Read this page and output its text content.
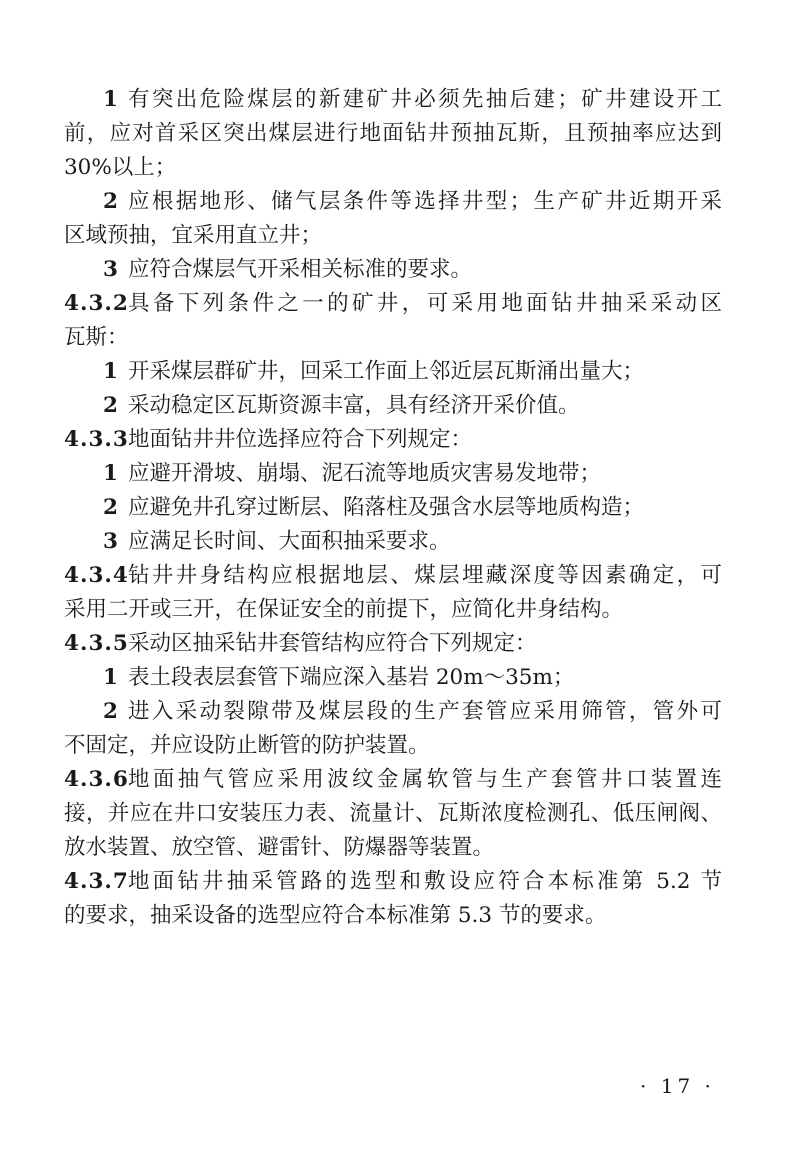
1 有突出危险煤层的新建矿井必须先抽后建；矿井建设开工
前，应对首采区突出煤层进行地面钻井预抽瓦斯，且预抽率应达到
30%以上；
2 应根据地形、储气层条件等选择井型；生产矿井近期开采
区域预抽，宜采用直立井；
3 应符合煤层气开采相关标准的要求。
4.3.2 具备下列条件之一的矿井，可采用地面钻井抽采采动区
瓦斯：
1 开采煤层群矿井，回采工作面上邻近层瓦斯涌出量大；
2 采动稳定区瓦斯资源丰富，具有经济开采价值。
4.3.3 地面钻井井位选择应符合下列规定：
1 应避开滑坡、崩塌、泥石流等地质灾害易发地带；
2 应避免井孔穿过断层、陷落柱及强含水层等地质构造；
3 应满足长时间、大面积抽采要求。
4.3.4 钻井井身结构应根据地层、煤层埋藏深度等因素确定，可
采用二开或三开，在保证安全的前提下，应简化井身结构。
4.3.5 采动区抽采钻井套管结构应符合下列规定：
1 表土段表层套管下端应深入基岩 20m～35m；
2 进入采动裂隙带及煤层段的生产套管应采用筛管，管外可
不固定，并应设防止断管的防护装置。
4.3.6 地面抽气管应采用波纹金属软管与生产套管井口装置连
接，并应在井口安装压力表、流量计、瓦斯浓度检测孔、低压闸阀、
放水装置、放空管、避雷针、防爆器等装置。
4.3.7 地面钻井抽采管路的选型和敷设应符合本标准第 5.2 节
的要求，抽采设备的选型应符合本标准第 5.3 节的要求。
· 17 ·
